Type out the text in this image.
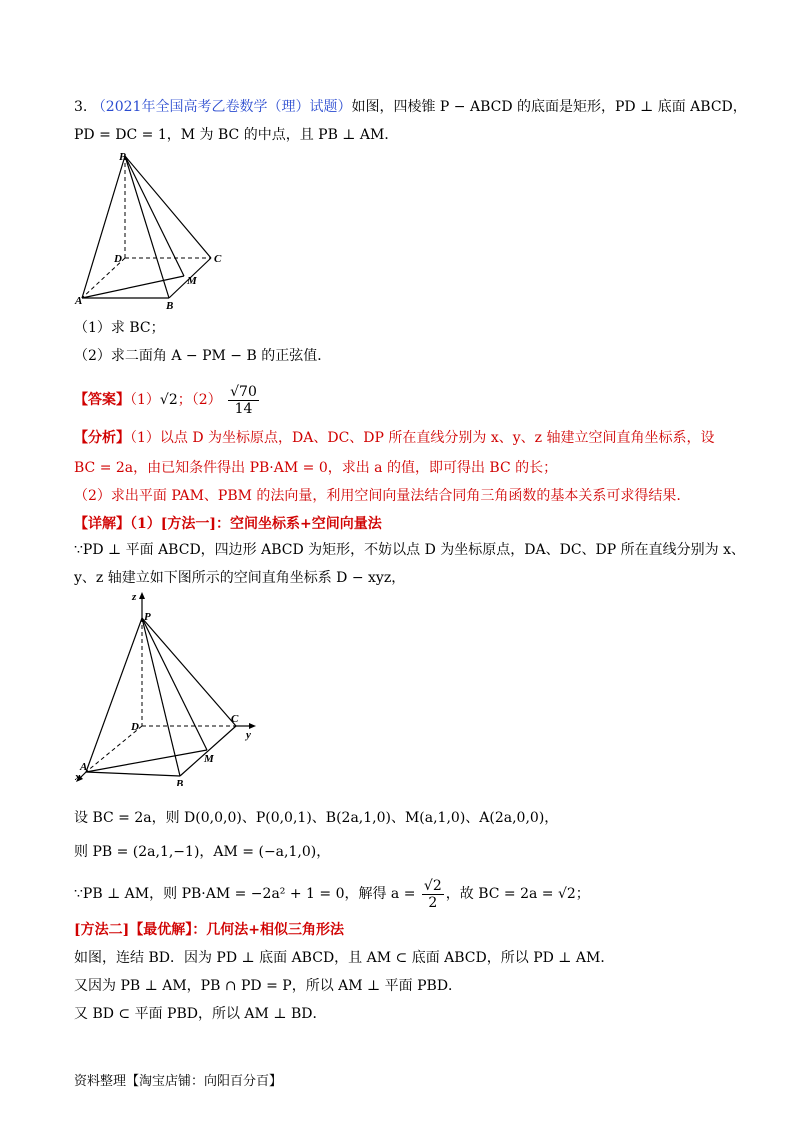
3. （2021年全国高考乙卷数学（理）试题）如图，四棱锥 P − ABCD 的底面是矩形，PD ⊥ 底面 ABCD，
PD = DC = 1，M 为 BC 的中点，且 PB ⊥ AM．
P
D	C
M
A	B
（1）求 BC；
（2）求二面角 A − PM − B 的正弦值．
【答案】（1）√2；$(2) \frac{√70}{14}$
【分析】（1）以点 D 为坐标原点，DA、DC、DP 所在直线分别为 x、y、z 轴建立空间直角坐标系，设
BC = 2a，由已知条件得出 PB·AM = 0，求出 a 的值，即可得出 BC 的长；
（2）求出平面 PAM、PBM 的法向量，利用空间向量法结合同角三角函数的基本关系可求得结果.
【详解】（1）[方法一]：空间坐标系+空间向量法
∵PD ⊥ 平面 ABCD，四边形 ABCD 为矩形，不妨以点 D 为坐标原点，DA、DC、DP 所在直线分别为 x、
y、z 轴建立如下图所示的空间直角坐标系 D − xyz，
z
P
D
C
y
M
A
x
B
设 BC = 2a，则 D(0,0,0)、P(0,0,1)、B(2a,1,0)、M(a,1,0)、A(2a,0,0)，
则 PB = (2a,1,−1)，AM = (−a,1,0)，
∵PB ⊥ AM，则 PB·AM = −2a² + 1 = 0，解得 $a = \frac{√2}{2}$ ，故 BC = 2a = √2；
[方法二]【最优解】：几何法+相似三角形法
如图，连结 BD．因为 PD ⊥ 底面 ABCD，且 AM ⊂ 底面 ABCD，所以 PD ⊥ AM．
又因为 PB ⊥ AM，PB ∩ PD = P，所以 AM ⊥ 平面 PBD．
又 BD ⊂ 平面 PBD，所以 AM ⊥ BD．
资料整理【淘宝店铺：向阳百分百】
